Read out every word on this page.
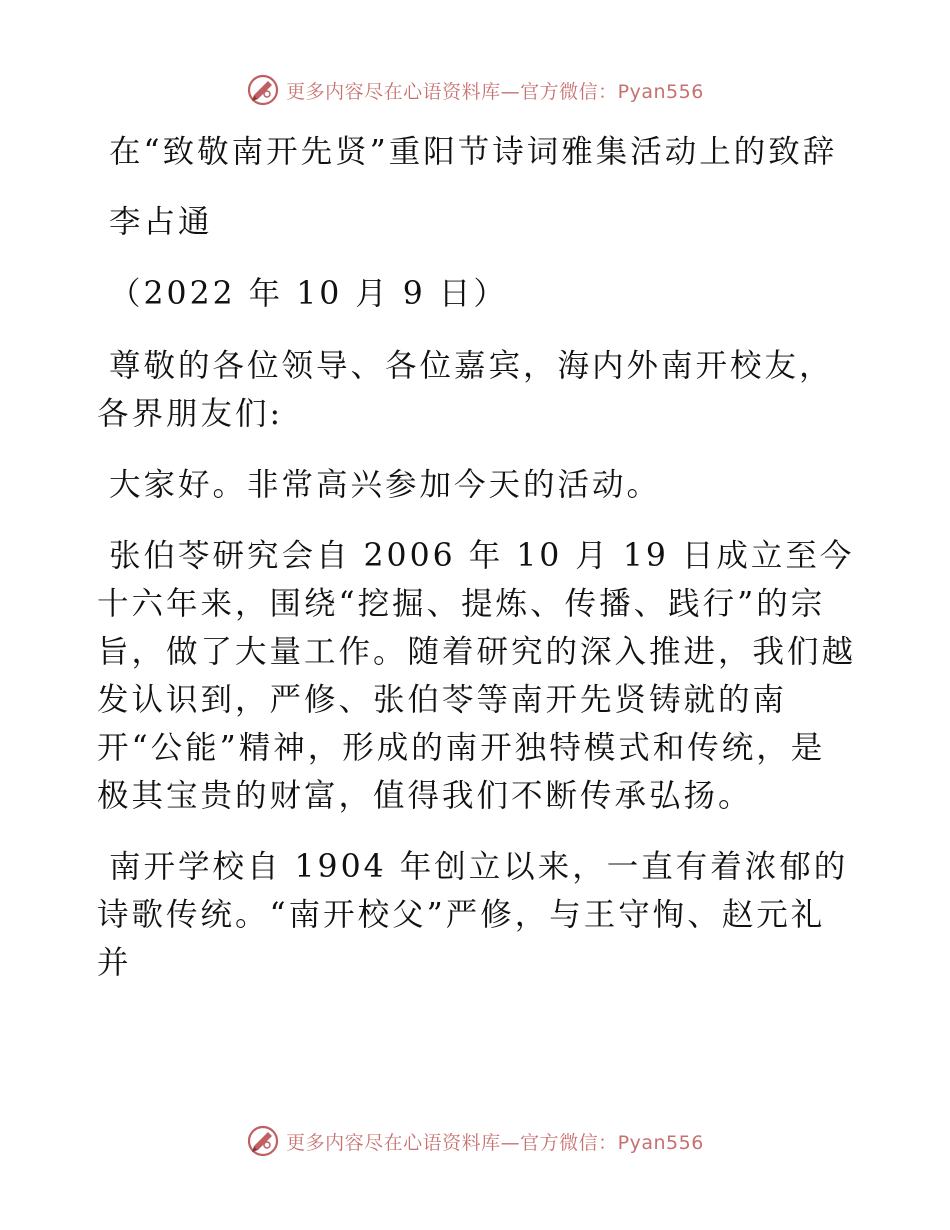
更多内容尽在心语资料库—官方微信：Pyan556

在“致敬南开先贤”重阳节诗词雅集活动上的致辞

李占通

（2022 年 10 月 9 日）

尊敬的各位领导、各位嘉宾，海内外南开校友，各界朋友们:

大家好。非常高兴参加今天的活动。

张伯苓研究会自 2006 年 10 月 19 日成立至今十六年来，围绕“挖掘、提炼、传播、践行”的宗旨，做了大量工作。随着研究的深入推进，我们越发认识到，严修、张伯苓等南开先贤铸就的南开“公能”精神，形成的南开独特模式和传统，是极其宝贵的财富，值得我们不断传承弘扬。

南开学校自 1904 年创立以来，一直有着浓郁的诗歌传统。“南开校父”严修，与王守恂、赵元礼并

更多内容尽在心语资料库—官方微信：Pyan556
